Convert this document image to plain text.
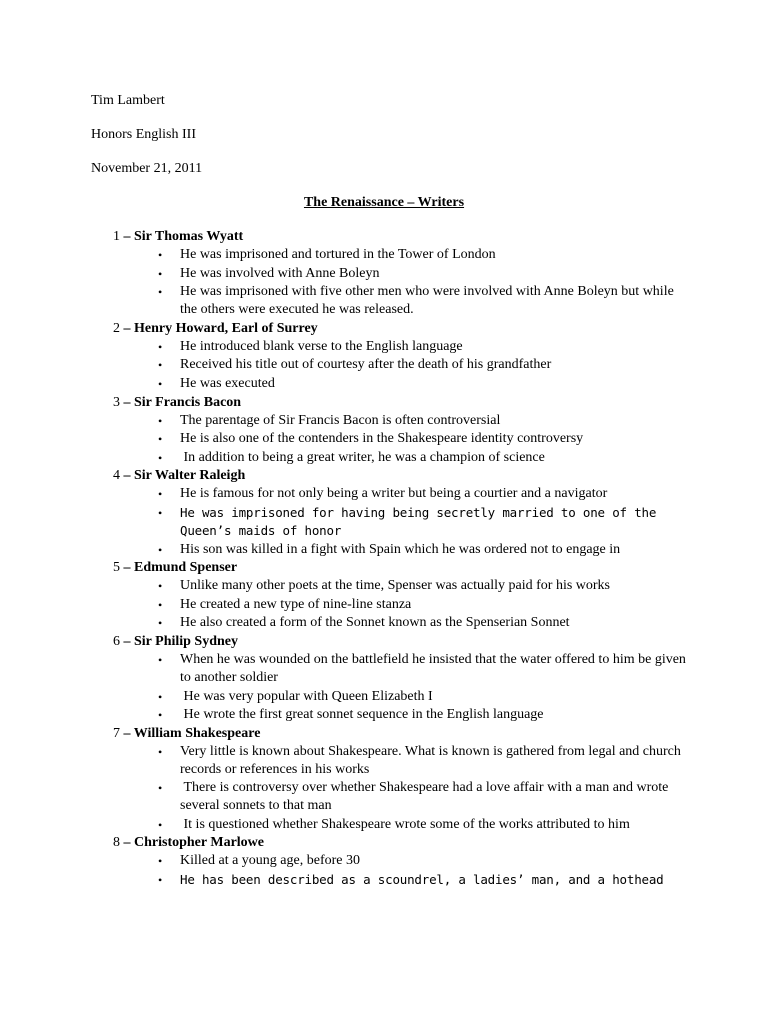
Tim Lambert

Honors English III

November 21, 2011

The Renaissance – Writers
1 – Sir Thomas Wyatt
• He was imprisoned and tortured in the Tower of London
• He was involved with Anne Boleyn
• He was imprisoned with five other men who were involved with Anne Boleyn but while the others were executed he was released.
2 – Henry Howard, Earl of Surrey
• He introduced blank verse to the English language
• Received his title out of courtesy after the death of his grandfather
• He was executed
3 – Sir Francis Bacon
• The parentage of Sir Francis Bacon is often controversial
• He is also one of the contenders in the Shakespeare identity controversy
• In addition to being a great writer, he was a champion of science
4 – Sir Walter Raleigh
• He is famous for not only being a writer but being a courtier and a navigator
• He was imprisoned for having being secretly married to one of the Queen’s maids of honor
• His son was killed in a fight with Spain which he was ordered not to engage in
5 – Edmund Spenser
• Unlike many other poets at the time, Spenser was actually paid for his works
• He created a new type of nine-line stanza
• He also created a form of the Sonnet known as the Spenserian Sonnet
6 – Sir Philip Sydney
• When he was wounded on the battlefield he insisted that the water offered to him be given to another soldier
• He was very popular with Queen Elizabeth I
• He wrote the first great sonnet sequence in the English language
7 – William Shakespeare
• Very little is known about Shakespeare. What is known is gathered from legal and church records or references in his works
• There is controversy over whether Shakespeare had a love affair with a man and wrote several sonnets to that man
• It is questioned whether Shakespeare wrote some of the works attributed to him
8 – Christopher Marlowe
• Killed at a young age, before 30
• He has been described as a scoundrel, a ladies’ man, and a hothead
